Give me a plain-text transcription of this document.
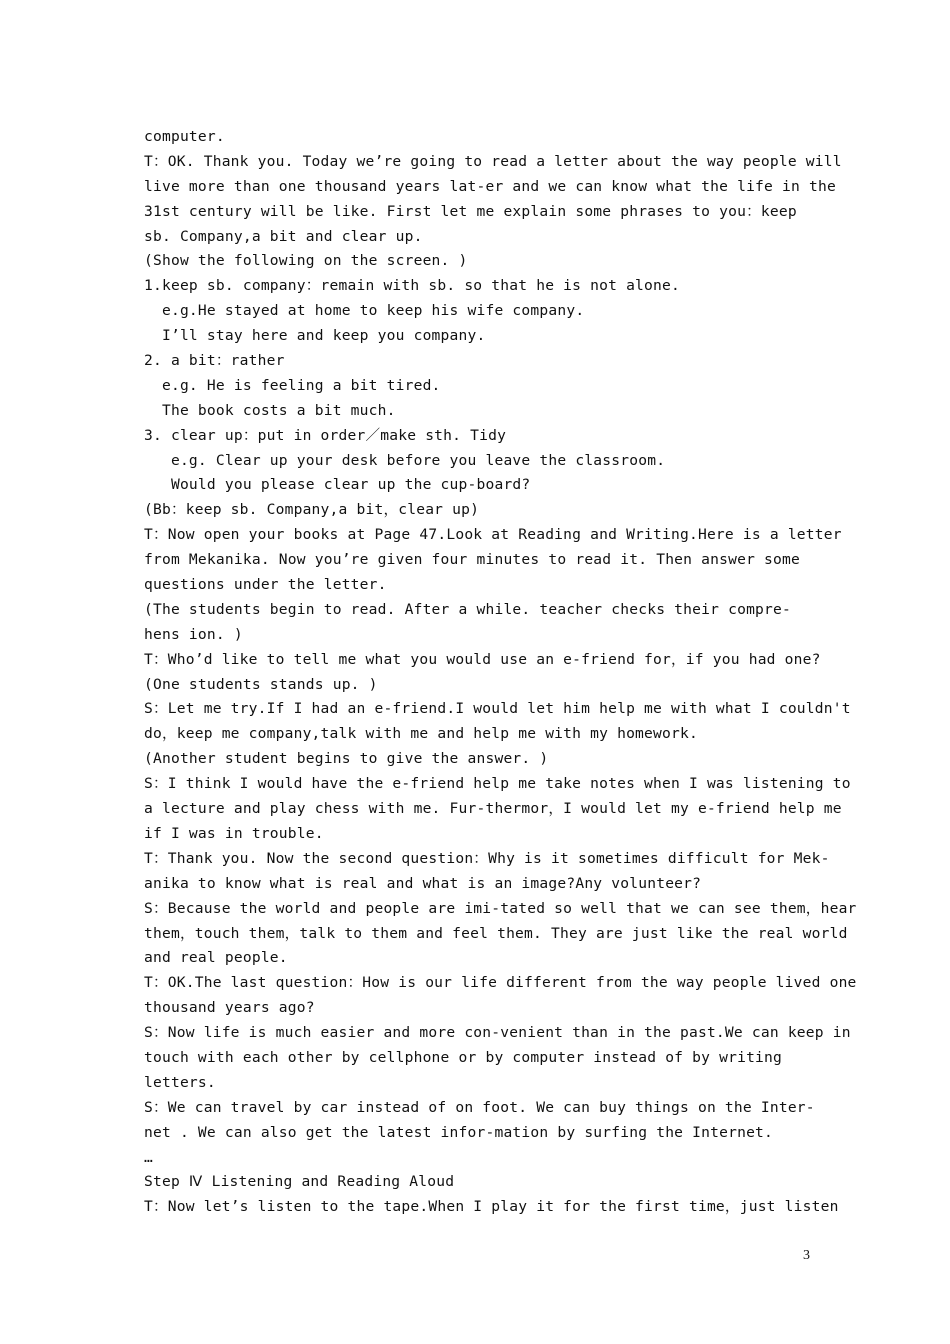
computer.
T：OK. Thank you. Today we’re going to read a letter about the way people will
live more than one thousand years lat-er and we can know what the life in the
31st century will be like. First let me explain some phrases to you：keep
sb. Company,a bit and clear up.
(Show the following on the screen. )
1.keep sb. company：remain with sb. so that he is not alone.
e.g.He stayed at home to keep his wife company.
I’ll stay here and keep you company.
2. a bit：rather
e.g. He is feeling a bit tired.
The book costs a bit much.
3. clear up：put in order／make sth. Tidy
e.g. Clear up your desk before you leave the classroom.
Would you please clear up the cup-board?
(Bb：keep sb. Company,a bit，clear up)
T：Now open your books at Page 47.Look at Reading and Writing.Here is a letter
from Mekanika. Now you’re given four minutes to read it. Then answer some
questions under the letter.
(The students begin to read. After a while. teacher checks their compre-
hens ion. )
T：Who’d like to tell me what you would use an e-friend for，if you had one?
(One students stands up. )
S：Let me try.If I had an e-friend.I would let him help me with what I couldn't
do，keep me company,talk with me and help me with my homework.
(Another student begins to give the answer. )
S：I think I would have the e-friend help me take notes when I was listening to
a lecture and play chess with me. Fur-thermor，I would let my e-friend help me
if I was in trouble.
T：Thank you. Now the second question：Why is it sometimes difficult for Mek-
anika to know what is real and what is an image?Any volunteer?
S：Because the world and people are imi-tated so well that we can see them，hear
them，touch them，talk to them and feel them. They are just like the real world
and real people.
T：OK.The last question：How is our life different from the way people lived one
thousand years ago?
S：Now life is much easier and more con-venient than in the past.We can keep in
touch with each other by cellphone or by computer instead of by writing
letters.
S：We can travel by car instead of on foot. We can buy things on the Inter-
net . We can also get the latest infor-mation by surfing the Internet.
…
Step Ⅳ Listening and Reading Aloud
T：Now let’s listen to the tape.When I play it for the first time，just listen
3
